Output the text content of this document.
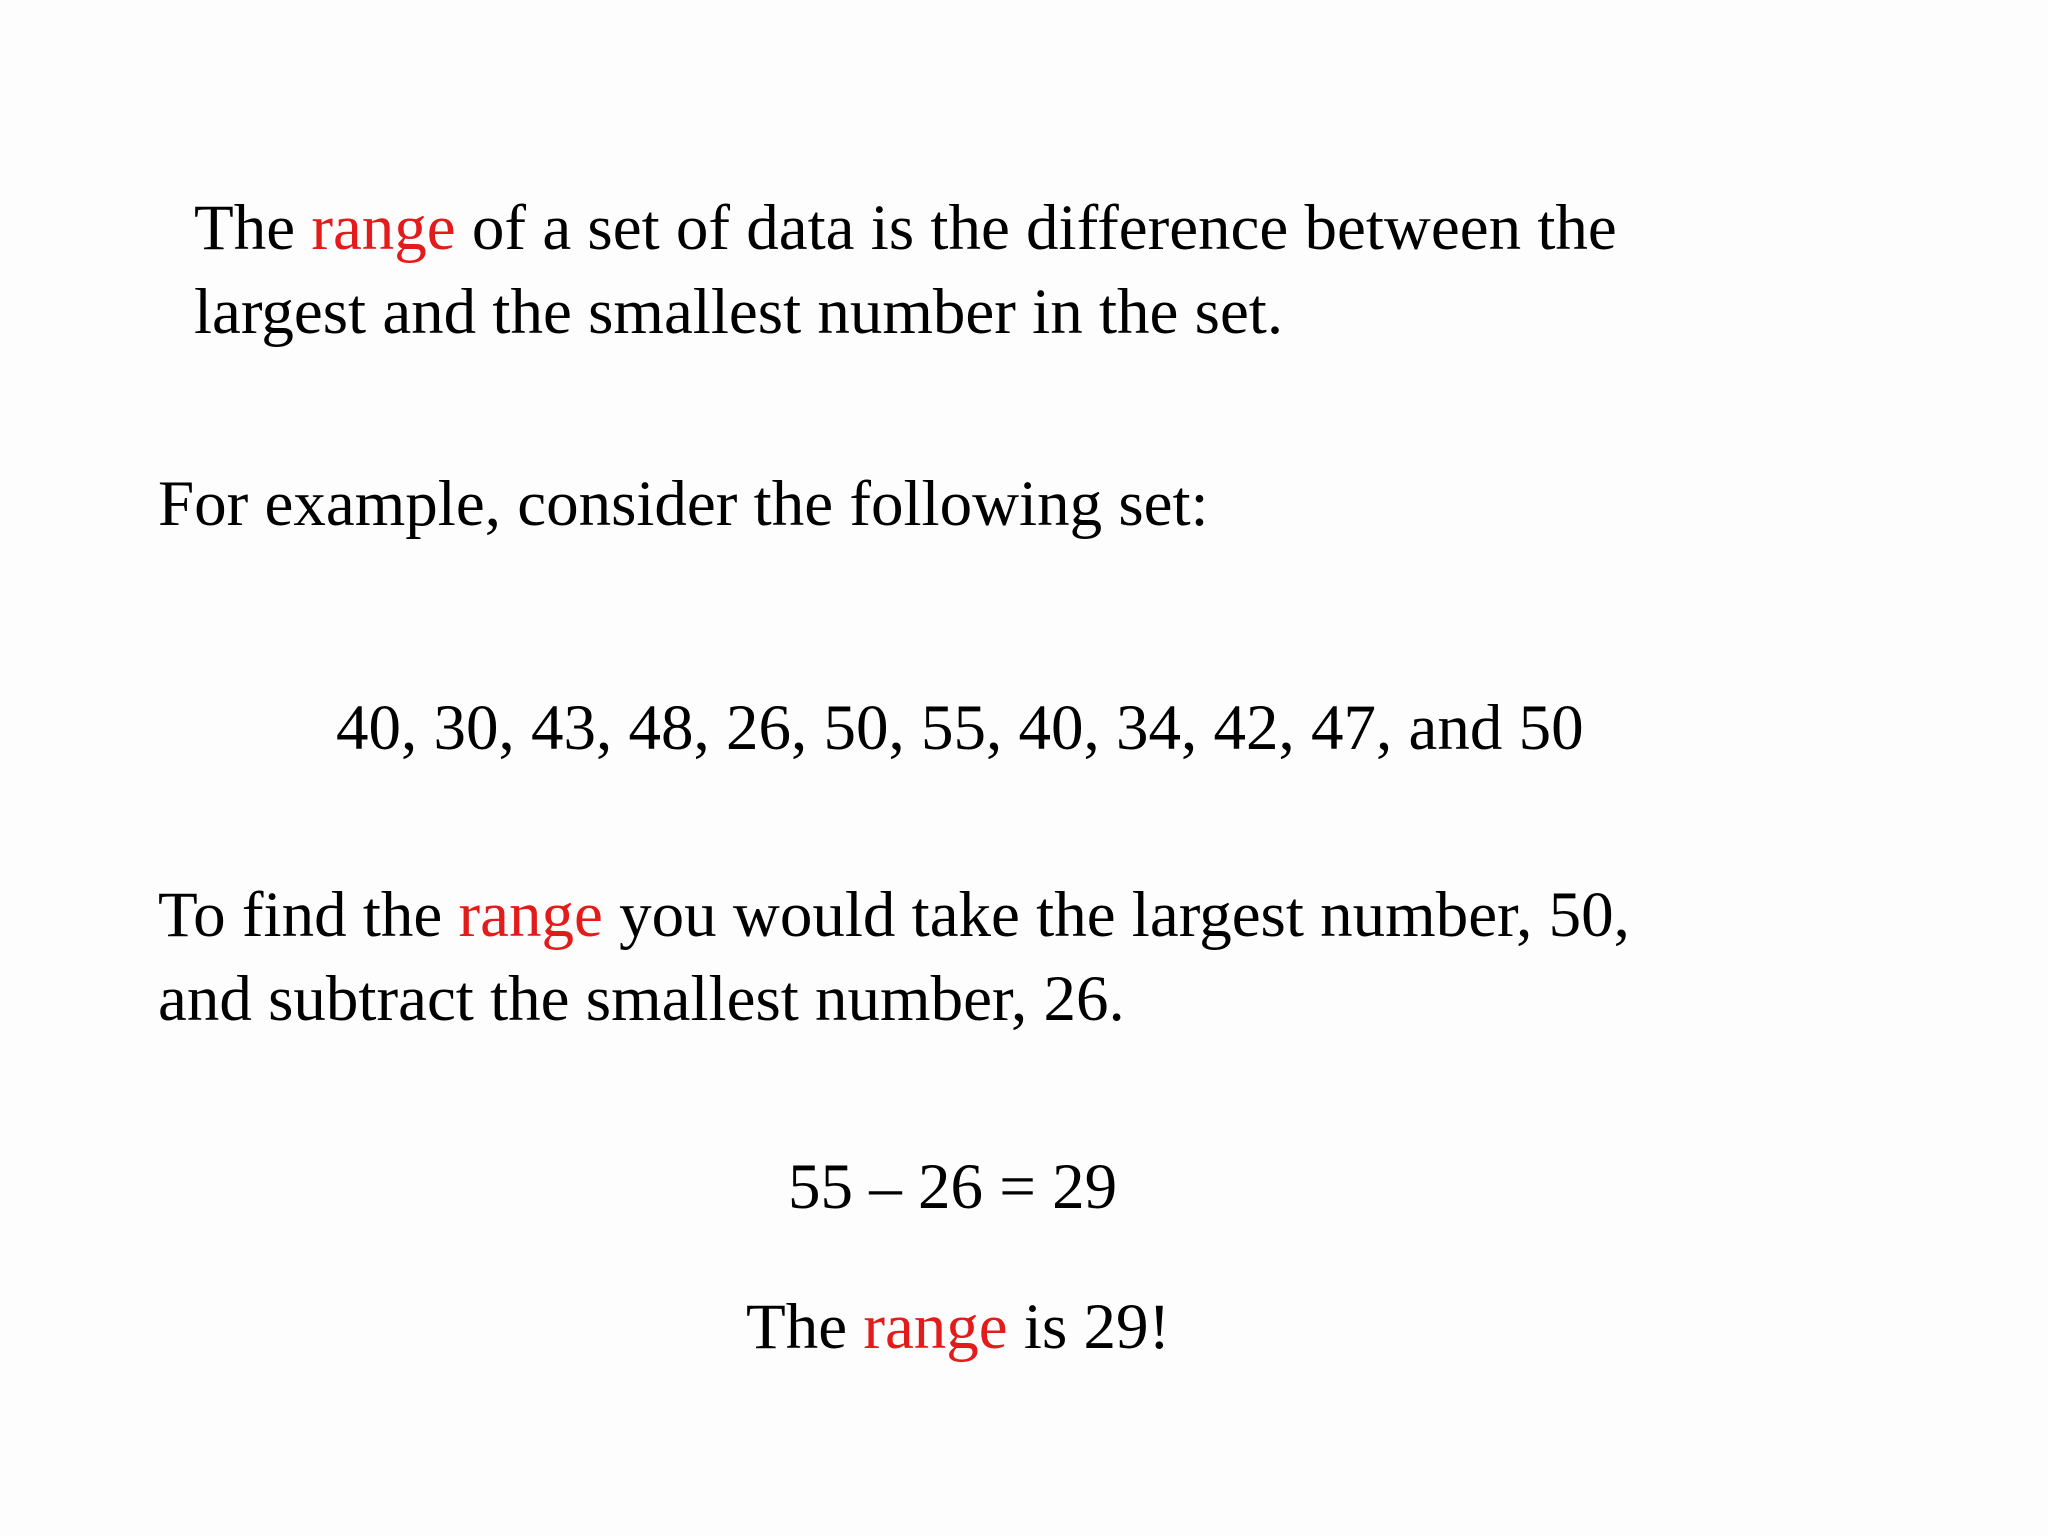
The range of a set of data is the difference between the
largest and the smallest number in the set.
For example, consider the following set:
40, 30, 43, 48, 26, 50, 55, 40, 34, 42, 47, and 50
To find the range you would take the largest number, 50,
and subtract the smallest number, 26.
55 – 26 = 29
The range is 29!
